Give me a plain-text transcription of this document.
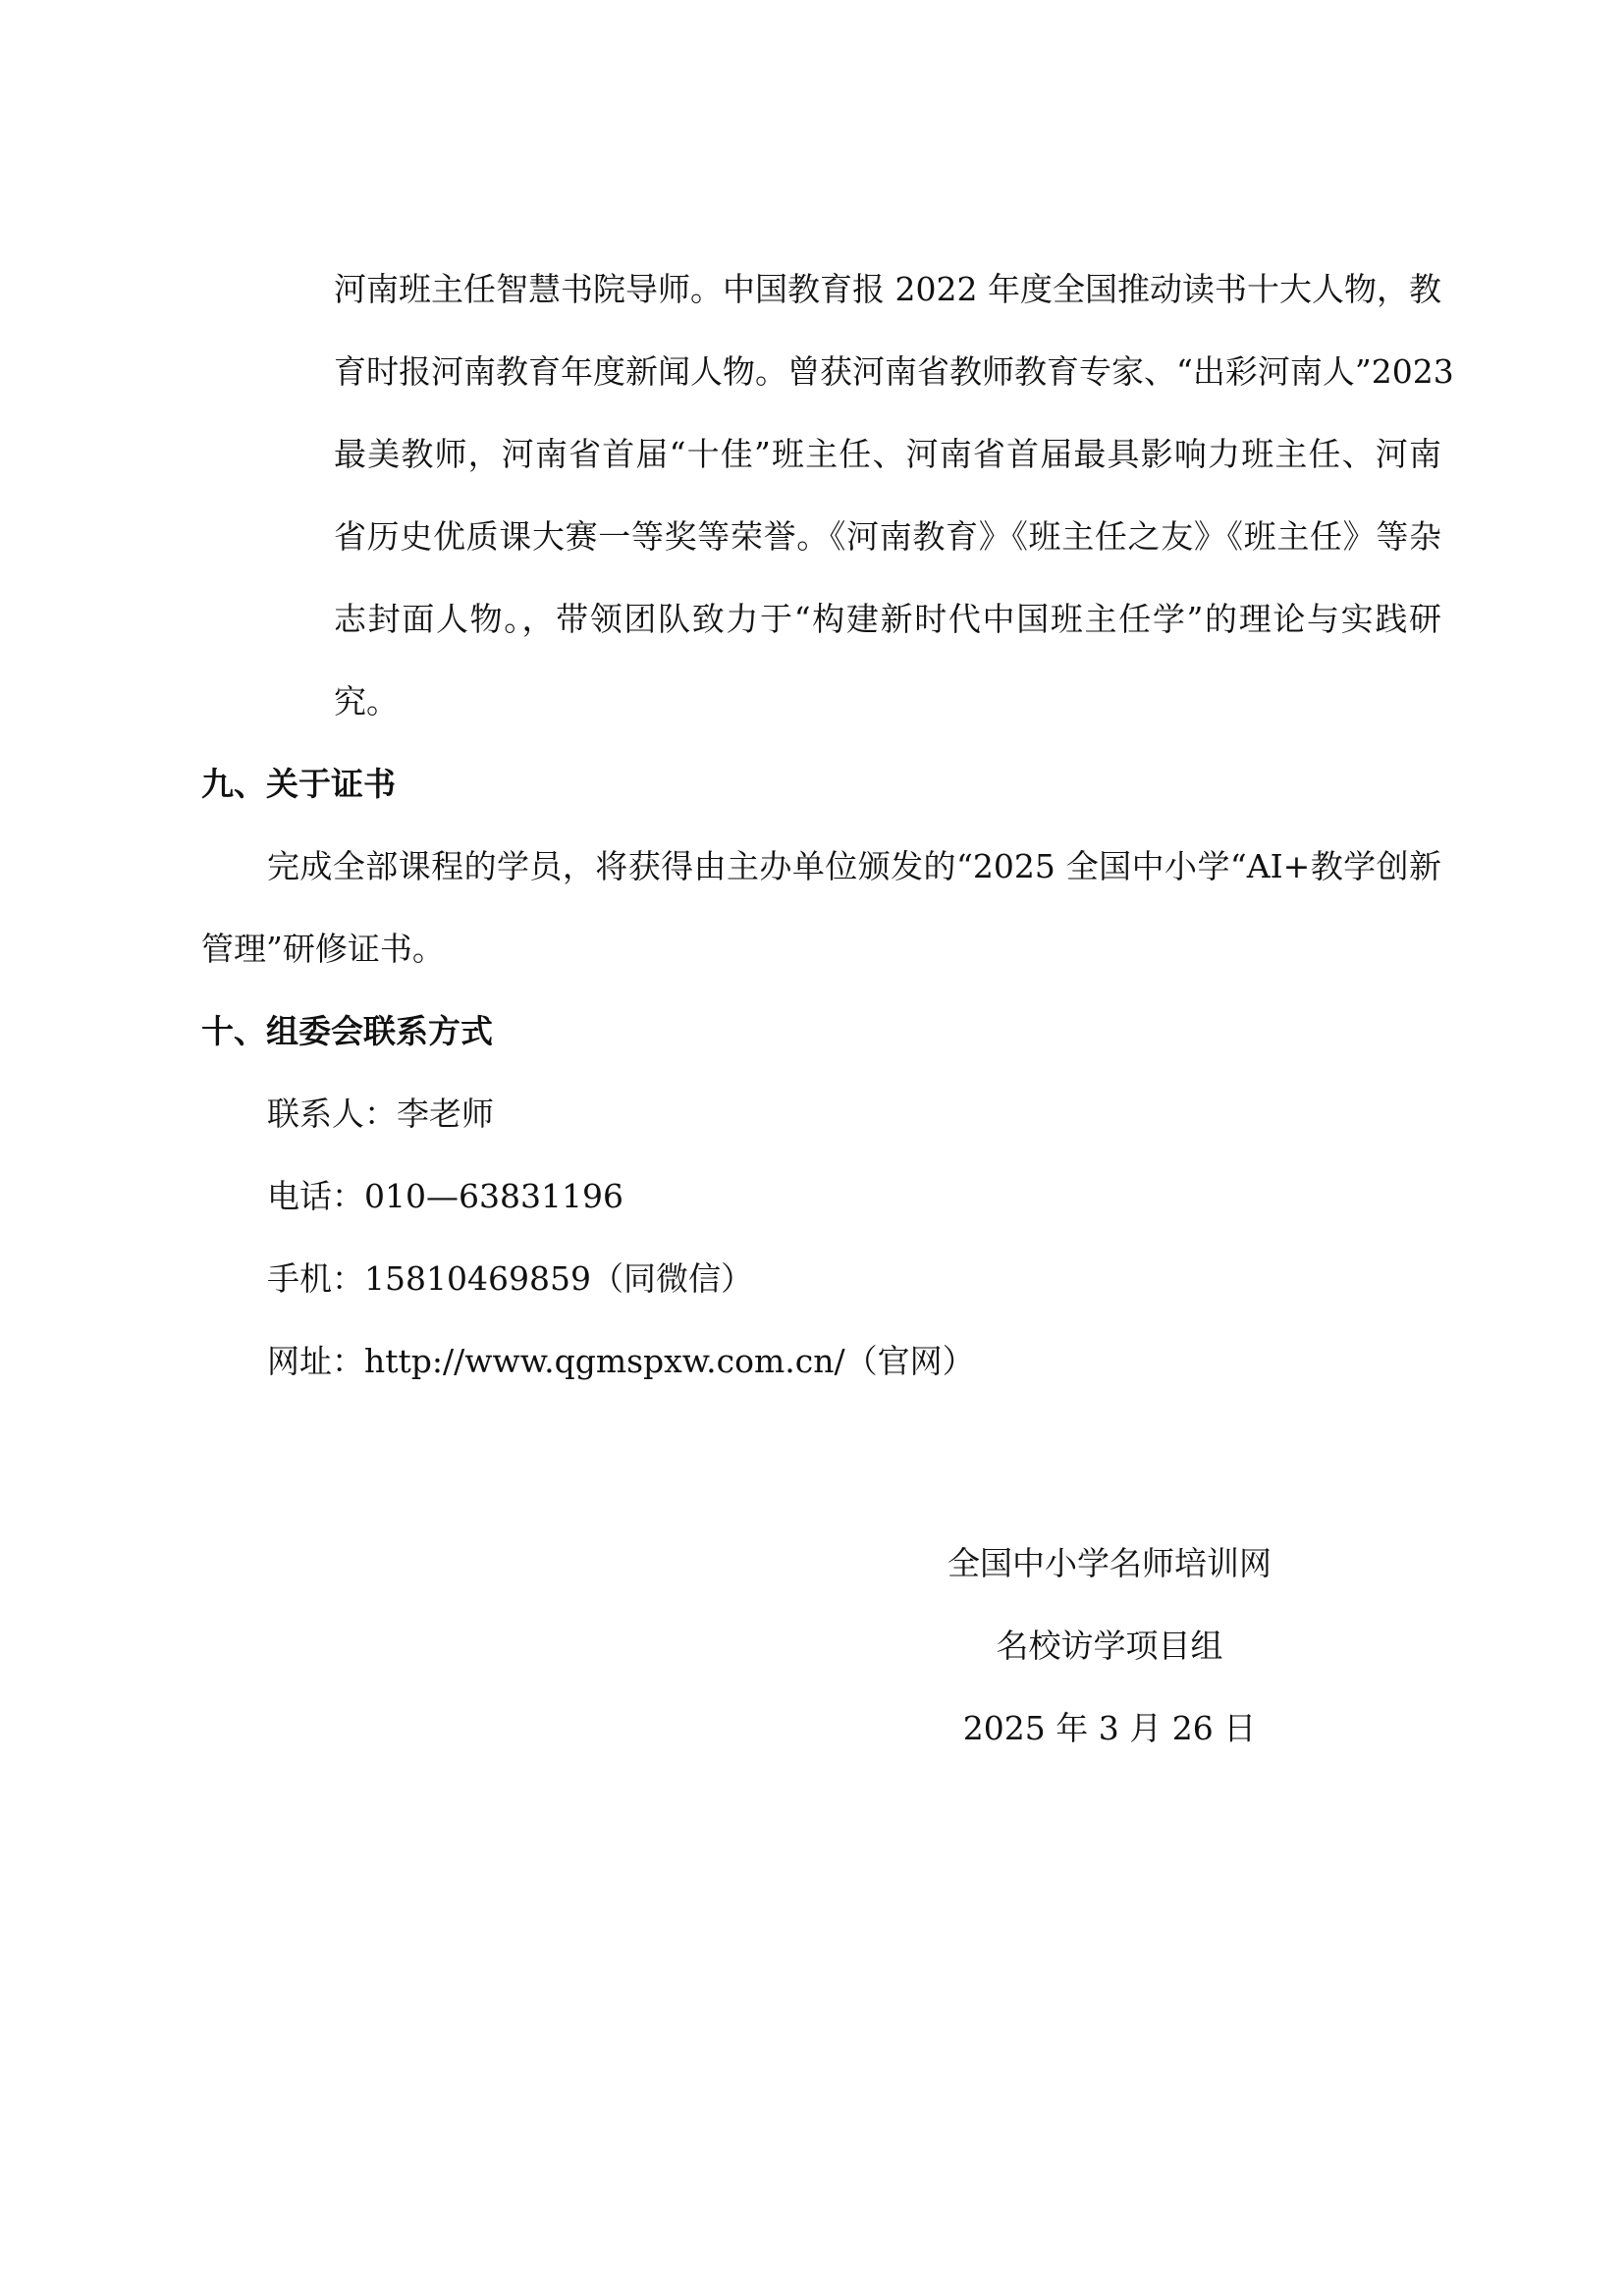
河南班主任智慧书院导师。中国教育报 2022 年度全国推动读书十大人物，教

育时报河南教育年度新闻人物。曾获河南省教师教育专家、“出彩河南人”2023

最美教师，河南省首届“十佳”班主任、河南省首届最具影响力班主任、河南

省历史优质课大赛一等奖等荣誉。《河南教育》《班主任之友》《班主任》等杂

志封面人物。，带领团队致力于“构建新时代中国班主任学”的理论与实践研

究。

九、关于证书

完成全部课程的学员，将获得由主办单位颁发的“2025 全国中小学“AI+教学创新

管理”研修证书。

十、组委会联系方式

联系人：李老师

电话：010—63831196

手机：15810469859（同微信）

网址：http://www.qgmspxw.com.cn/（官网）

全国中小学名师培训网

名校访学项目组

2025 年 3 月 26 日
